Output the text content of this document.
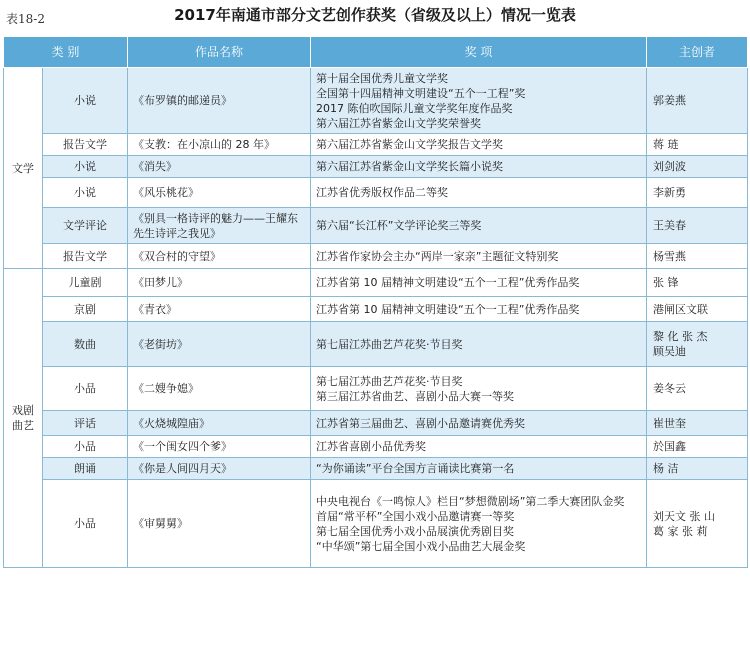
表18-2	2017年南通市部分文艺创作获奖（省级及以上）情况一览表
类 别		作品名称	奖 项	主创者
文学	小说	《布罗镇的邮递员》	第十届全国优秀儿童文学奖
全国第十四届精神文明建设“五个一工程”奖
2017 陈伯吹国际儿童文学奖年度作品奖
第六届江苏省紫金山文学奖荣誉奖	郭姜燕

	报告文学	《支教：在小凉山的 28 年》	第六届江苏省紫金山文学奖报告文学奖	蒋 琏

	小说	《消失》	第六届江苏省紫金山文学奖长篇小说奖	刘剑波

	小说	《风乐桃花》	江苏省优秀版权作品二等奖	李新勇

	文学评论	《别具一格诗评的魅力——王耀东先生诗评之我见》	第六届“长江杯”文学评论奖三等奖	王美春

	报告文学	《双合村的守望》	江苏省作家协会主办“两岸一家亲”主题征文特别奖	杨雪燕

戏剧曲艺	儿童剧	《田梦儿》	江苏省第 10 届精神文明建设“五个一工程”优秀作品奖	张 锋

	京剧	《青衣》	江苏省第 10 届精神文明建设“五个一工程”优秀作品奖	港闸区文联

	数曲	《老街坊》	第七届江苏曲艺芦花奖·节目奖	黎 化 张 杰
顾吴迪

	小品	《二嫂争媳》	第七届江苏曲艺芦花奖·节目奖
第三届江苏省曲艺、喜剧小品大赛一等奖	姜冬云

	评话	《火烧城隍庙》	江苏省第三届曲艺、喜剧小品邀请赛优秀奖	崔世奎

	小品	《一个闺女四个爹》	江苏省喜剧小品优秀奖	於国鑫

	朗诵	《你是人间四月天》	“为你诵读”平台全国方言诵读比赛第一名	杨 洁

	小品	《审舅舅》	中央电视台《一鸣惊人》栏目“梦想微剧场”第二季大赛团队金奖
首届“常平杯”全国小戏小品邀请赛一等奖
第七届全国优秀小戏小品展演优秀剧目奖
“中华颂”第七届全国小戏小品曲艺大展金奖	刘天文 张 山
葛 家 张 莉
